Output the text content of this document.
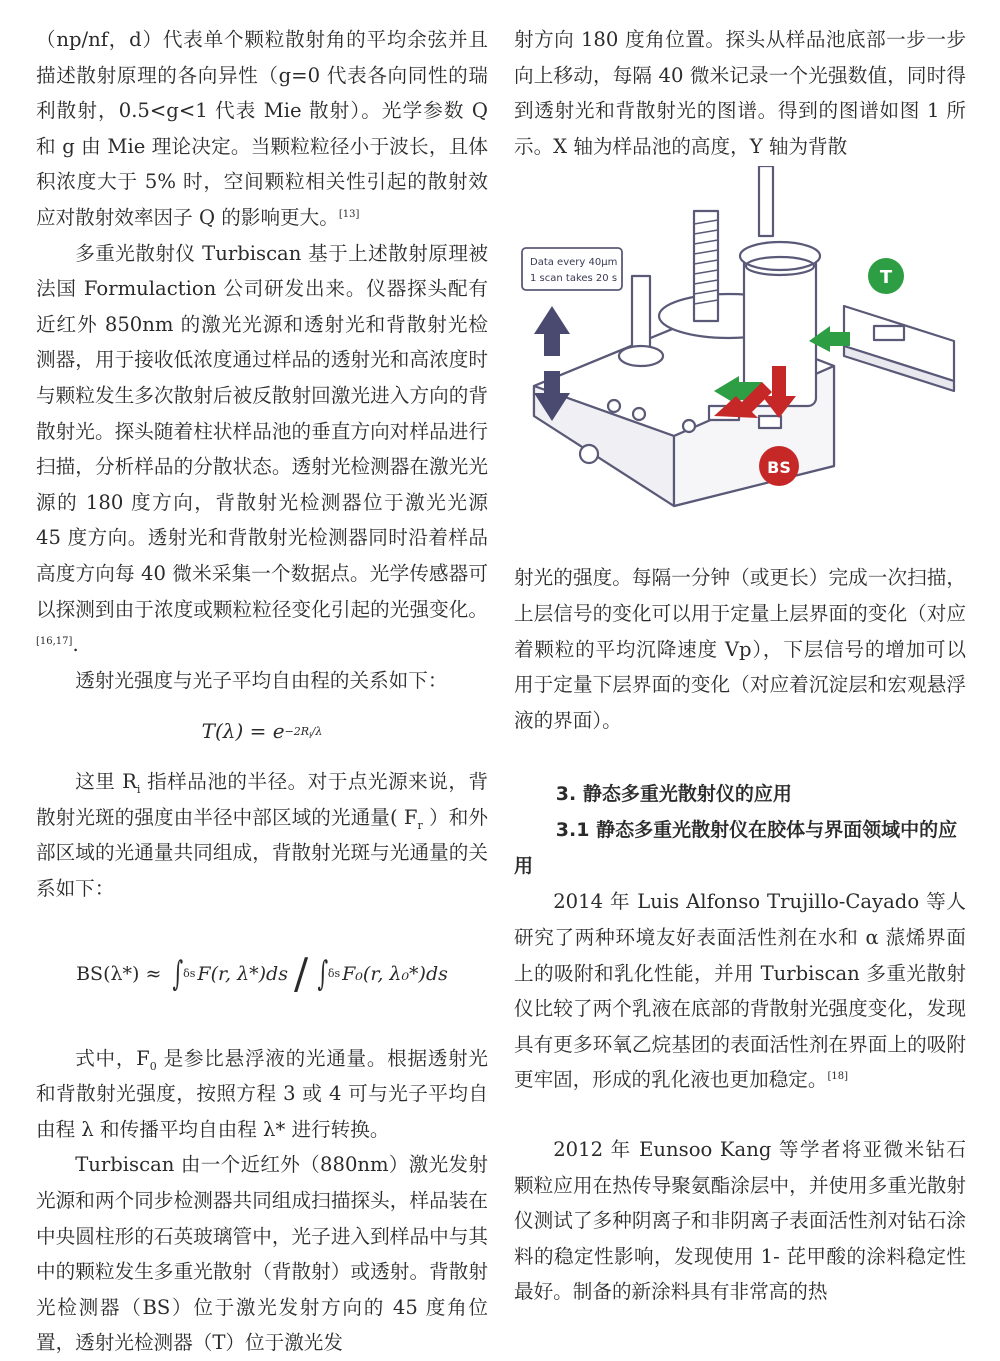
（np/nf，d）代表单个颗粒散射角的平均余弦并且描述散射原理的各向异性（g=0 代表各向同性的瑞利散射，0.5<g<1 代表 Mie 散射）。光学参数 Q 和 g 由 Mie 理论决定。当颗粒粒径小于波长，且体积浓度大于 5% 时，空间颗粒相关性引起的散射效应对散射效率因子 Q 的影响更大。[13]

多重光散射仪 Turbiscan 基于上述散射原理被法国 Formulaction 公司研发出来。仪器探头配有近红外 850nm 的激光光源和透射光和背散射光检测器，用于接收低浓度通过样品的透射光和高浓度时与颗粒发生多次散射后被反散射回激光进入方向的背散射光。探头随着柱状样品池的垂直方向对样品进行扫描，分析样品的分散状态。透射光检测器在激光光源的 180 度方向，背散射光检测器位于激光光源 45 度方向。透射光和背散射光检测器同时沿着样品高度方向每 40 微米采集一个数据点。光学传感器可以探测到由于浓度或颗粒粒径变化引起的光强变化。[16,17].

透射光强度与光子平均自由程的关系如下：

$T(\lambda) = e -2R_i/\lambda$

这里 $R_i$ 指样品池的半径。对于点光源来说，背散射光斑的强度由半径中部区域的光通量( $F_r$ ）和外部区域的光通量共同组成，背散射光斑与光通量的关系如下：

BS(λ*) ≈ ∫ δs F(r, λ*)ds / ∫ δs F₀(r, λ₀*)ds

式中，$F_0$ 是参比悬浮液的光通量。根据透射光和背散射光强度，按照方程 3 或 4 可与光子平均自由程 λ 和传播平均自由程 λ* 进行转换。

Turbiscan 由一个近红外（880nm）激光发射光源和两个同步检测器共同组成扫描探头，样品装在中央圆柱形的石英玻璃管中，光子进入到样品中与其中的颗粒发生多重光散射（背散射）或透射。背散射光检测器（BS）位于激光发射方向的 45 度角位置，透射光检测器（T）位于激光发

射方向 180 度角位置。探头从样品池底部一步一步向上移动，每隔 40 微米记录一个光强数值，同时得到透射光和背散射光的图谱。得到的图谱如图 1 所示。X 轴为样品池的高度，Y 轴为背散

Data every 40µm
1 scan takes 20 s	T
BS

射光的强度。每隔一分钟（或更长）完成一次扫描，上层信号的变化可以用于定量上层界面的变化（对应着颗粒的平均沉降速度 Vp），下层信号的增加可以用于定量下层界面的变化（对应着沉淀层和宏观悬浮液的界面）。

3. 静态多重光散射仪的应用

3.1 静态多重光散射仪在胶体与界面领域中的应用

2014 年 Luis Alfonso Trujillo-Cayado 等人研究了两种环境友好表面活性剂在水和 α 蒎烯界面上的吸附和乳化性能，并用 Turbiscan 多重光散射仪比较了两个乳液在底部的背散射光强度变化，发现具有更多环氧乙烷基团的表面活性剂在界面上的吸附更牢固，形成的乳化液也更加稳定。[18]

2012 年 Eunsoo Kang 等学者将亚微米钻石颗粒应用在热传导聚氨酯涂层中，并使用多重光散射仪测试了多种阴离子和非阴离子表面活性剂对钻石涂料的稳定性影响，发现使用 1- 芘甲酸的涂料稳定性最好。制备的新涂料具有非常高的热
